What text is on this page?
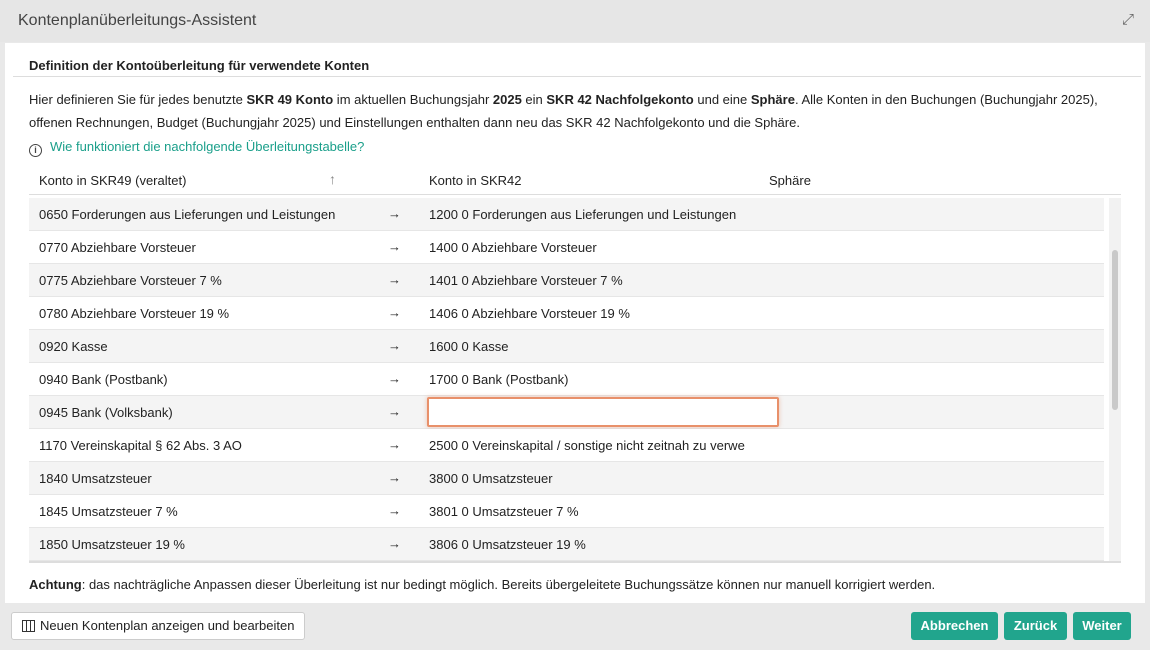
Kontenplanüberleitungs-Assistent	⤢
Definition der Kontoüberleitung für verwendete Konten
Hier definieren Sie für jedes benutzte SKR 49 Konto im aktuellen Buchungsjahr 2025 ein SKR 42 Nachfolgekonto und eine Sphäre. Alle Konten in den Buchungen (Buchungjahr 2025), offenen Rechnungen, Budget (Buchungjahr 2025) und Einstellungen enthalten dann neu das SKR 42 Nachfolgekonto und die Sphäre.
i Wie funktioniert die nachfolgende Überleitungstabelle?
Konto in SKR49 (veraltet)	↑	Konto in SKR42	Sphäre
0650 Forderungen aus Lieferungen und Leistungen	→ 1200 0 Forderungen aus Lieferungen und Leistungen
0770 Abziehbare Vorsteuer	→ 1400 0 Abziehbare Vorsteuer
0775 Abziehbare Vorsteuer 7 %	→ 1401 0 Abziehbare Vorsteuer 7 %
0780 Abziehbare Vorsteuer 19 %	→ 1406 0 Abziehbare Vorsteuer 19 %
0920 Kasse	→ 1600 0 Kasse
0940 Bank (Postbank)	→ 1700 0 Bank (Postbank)
0945 Bank (Volksbank)	→
1170 Vereinskapital § 62 Abs. 3 AO	→ 2500 0 Vereinskapital / sonstige nicht zeitnah zu verwe
1840 Umsatzsteuer	→ 3800 0 Umsatzsteuer
1845 Umsatzsteuer 7 %	→ 3801 0 Umsatzsteuer 7 %
1850 Umsatzsteuer 19 %	→ 3806 0 Umsatzsteuer 19 %
Achtung: das nachträgliche Anpassen dieser Überleitung ist nur bedingt möglich. Bereits übergeleitete Buchungssätze können nur manuell korrigiert werden.
Neuen Kontenplan anzeigen und bearbeiten	Abbrechen	Zurück	Weiter
